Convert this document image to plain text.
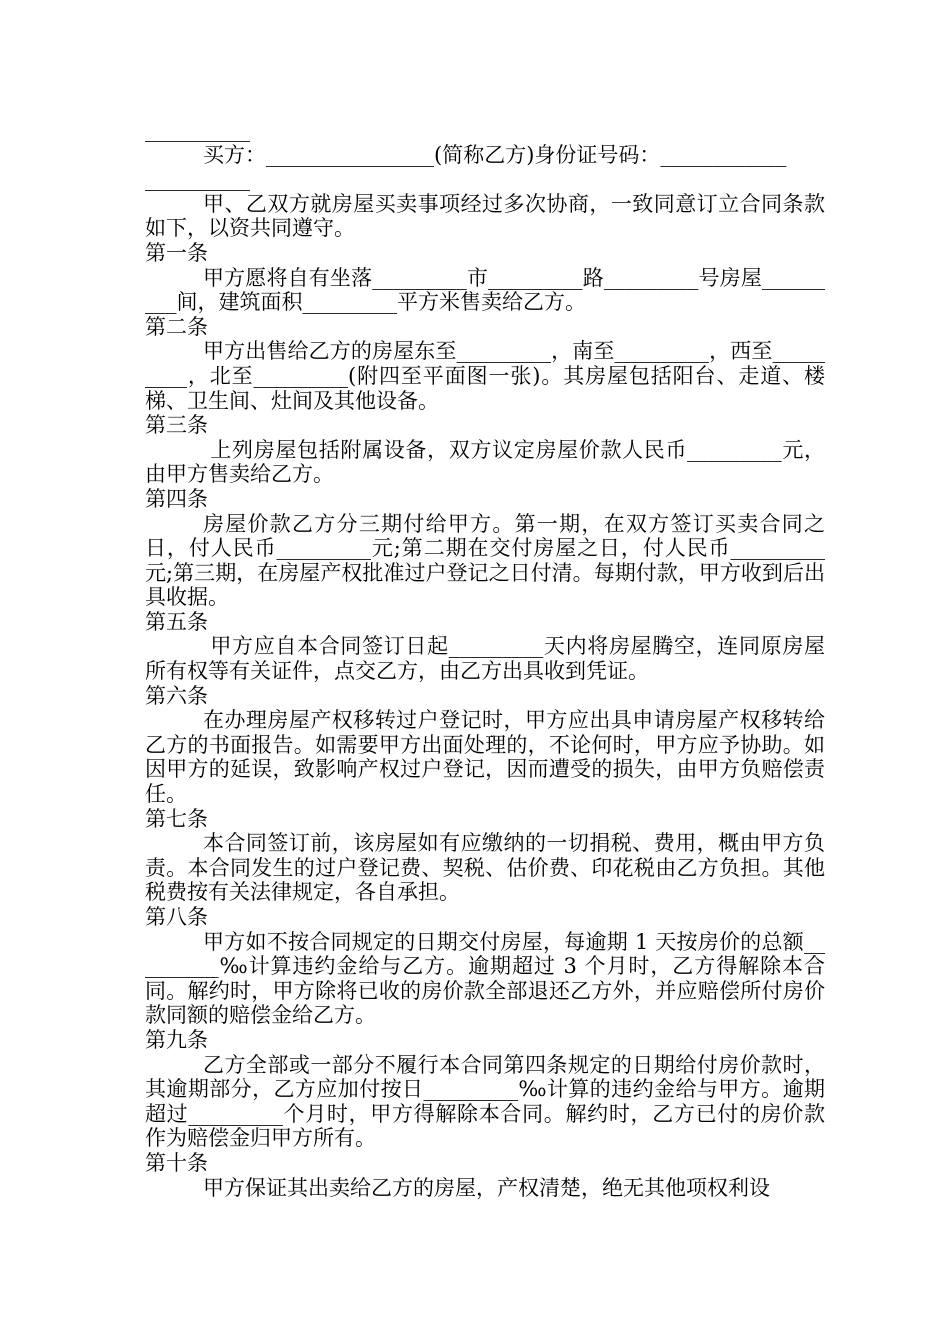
__________

买方：________________(简称乙方)身份证号码：____________

__________

甲、乙双方就房屋买卖事项经过多次协商，一致同意订立合同条款如下，以资共同遵守。

第一条

甲方愿将自有坐落_________市_________路_________号房屋_________间，建筑面积_________平方米售卖给乙方。

第二条

甲方出售给乙方的房屋东至_________，南至_________，西至_________，北至_________(附四至平面图一张)。其房屋包括阳台、走道、楼梯、卫生间、灶间及其他设备。

第三条

上列房屋包括附属设备，双方议定房屋价款人民币_________元，由甲方售卖给乙方。

第四条

房屋价款乙方分三期付给甲方。第一期，在双方签订买卖合同之日，付人民币_________元;第二期在交付房屋之日，付人民币_________元;第三期，在房屋产权批准过户登记之日付清。每期付款，甲方收到后出具收据。

第五条

甲方应自本合同签订日起_________天内将房屋腾空，连同原房屋所有权等有关证件，点交乙方，由乙方出具收到凭证。

第六条

在办理房屋产权移转过户登记时，甲方应出具申请房屋产权移转给乙方的书面报告。如需要甲方出面处理的，不论何时，甲方应予协助。如因甲方的延误，致影响产权过户登记，因而遭受的损失，由甲方负赔偿责任。

第七条

本合同签订前，该房屋如有应缴纳的一切捐税、费用，概由甲方负责。本合同发生的过户登记费、契税、估价费、印花税由乙方负担。其他税费按有关法律规定，各自承担。

第八条

甲方如不按合同规定的日期交付房屋，每逾期 1 天按房价的总额_________‰计算违约金给与乙方。逾期超过 3 个月时，乙方得解除本合同。解约时，甲方除将已收的房价款全部退还乙方外，并应赔偿所付房价款同额的赔偿金给乙方。

第九条

乙方全部或一部分不履行本合同第四条规定的日期给付房价款时，其逾期部分，乙方应加付按日_________‰计算的违约金给与甲方。逾期超过_________个月时，甲方得解除本合同。解约时，乙方已付的房价款作为赔偿金归甲方所有。

第十条

甲方保证其出卖给乙方的房屋，产权清楚，绝无其他项权利设
